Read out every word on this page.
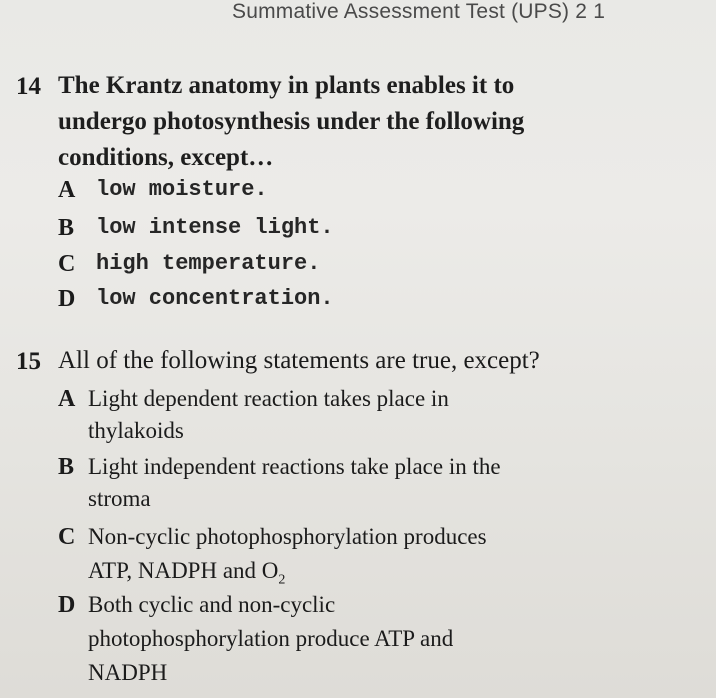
Summative Assessment Test (UPS) 2 1
14 The Krantz anatomy in plants enables it to
undergo photosynthesis under the following
conditions, except…
A low moisture.
B low intense light.
C high temperature.
D low concentration.
15 All of the following statements are true, except?
A Light dependent reaction takes place in
thylakoids
B Light independent reactions take place in the
stroma
C Non-cyclic photophosphorylation produces
ATP, NADPH and $O_2$
D Both cyclic and non-cyclic
photophosphorylation produce ATP and
NADPH
